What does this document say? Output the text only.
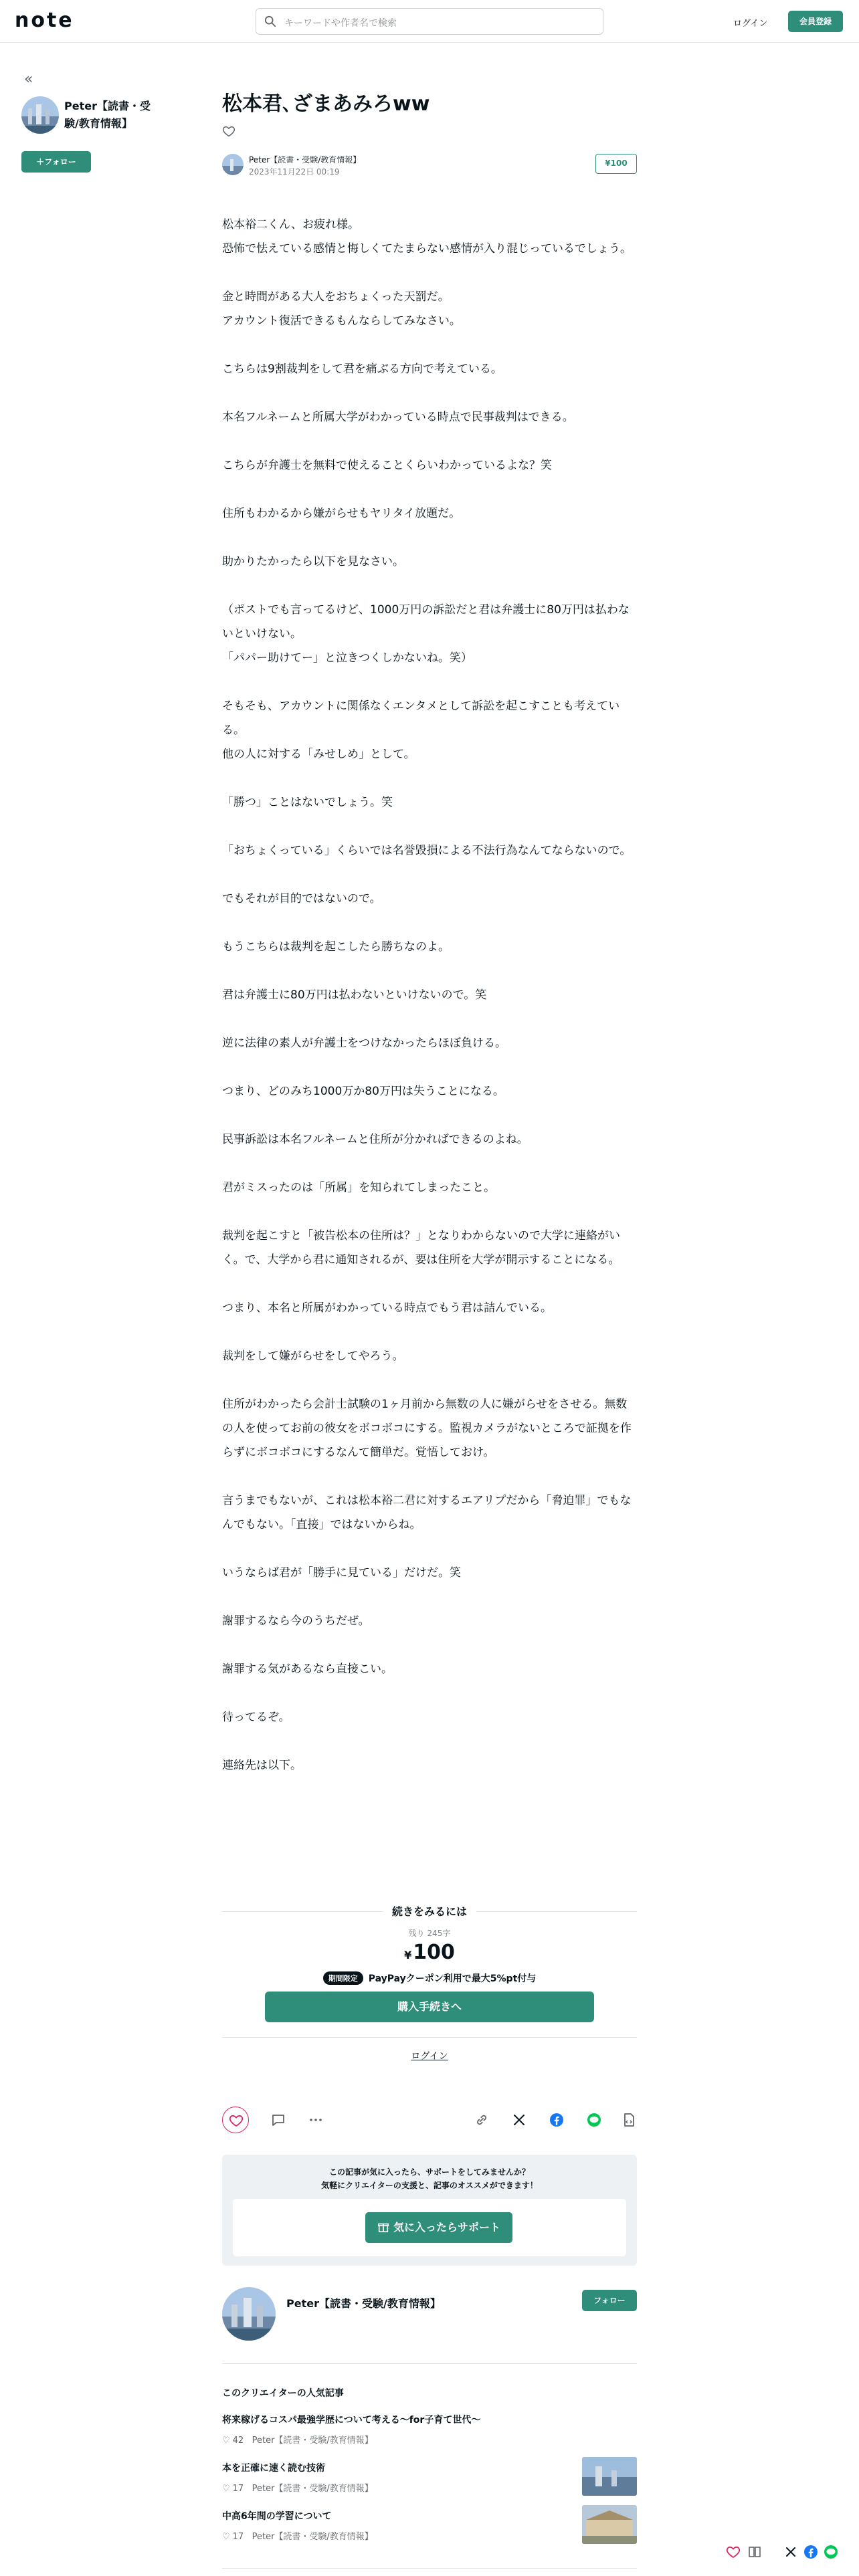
note	キーワードや作者名で検索	ログイン	会員登録
«
Peter【読書・受験/教育情報】
＋フォロー
松本君､ざまあみろww
Peter【読書・受験/教育情報】
2023年11月22日 00:19
¥100

松本裕二くん、お疲れ様。
恐怖で怯えている感情と悔しくてたまらない感情が入り混じっているでしょう。

金と時間がある大人をおちょくった天罰だ。
アカウント復活できるもんならしてみなさい。

こちらは9割裁判をして君を痛ぶる方向で考えている。

本名フルネームと所属大学がわかっている時点で民事裁判はできる。

こちらが弁護士を無料で使えることくらいわかっているよな？笑

住所もわかるから嫌がらせもヤリタイ放題だ。

助かりたかったら以下を見なさい。

（ポストでも言ってるけど、1000万円の訴訟だと君は弁護士に80万円は払わないといけない。
「パパー助けてー」と泣きつくしかないね。笑）

そもそも、アカウントに関係なくエンタメとして訴訟を起こすことも考えている。
他の人に対する「みせしめ」として。

「勝つ」ことはないでしょう。笑

「おちょくっている」くらいでは名誉毀損による不法行為なんてならないので。

でもそれが目的ではないので。

もうこちらは裁判を起こしたら勝ちなのよ。

君は弁護士に80万円は払わないといけないので。笑

逆に法律の素人が弁護士をつけなかったらほぼ負ける。

つまり、どのみち1000万か80万円は失うことになる。

民事訴訟は本名フルネームと住所が分かればできるのよね。

君がミスったのは「所属」を知られてしまったこと。

裁判を起こすと「被告松本の住所は？」となりわからないので大学に連絡がいく。で、大学から君に通知されるが、要は住所を大学が開示することになる。

つまり、本名と所属がわかっている時点でもう君は詰んでいる。

裁判をして嫌がらせをしてやろう。

住所がわかったら会計士試験の1ヶ月前から無数の人に嫌がらせをさせる。無数の人を使ってお前の彼女をボコボコにする。監視カメラがないところで証拠を作らずにボコボコにするなんて簡単だ。覚悟しておけ。

言うまでもないが、これは松本裕二君に対するエアリプだから「脅迫罪」でもなんでもない。「直接」ではないからね。

いうならば君が「勝手に見ている」だけだ。笑

謝罪するなら今のうちだぜ。

謝罪する気があるなら直接こい。

待ってるぞ。

連絡先は以下。

続きをみるには
残り 245字
¥100
期間限定 PayPayクーポン利用で最大5%pt付与
購入手続きへ
ログイン
この記事が気に入ったら、サポートをしてみませんか？
気軽にクリエイターの支援と、記事のオススメができます！
気に入ったらサポート
Peter【読書・受験/教育情報】	フォロー
このクリエイターの人気記事
将来稼げるコスパ最強学歴について考える〜for子育て世代〜
♡ 42 Peter【読書・受験/教育情報】
本を正確に速く読む技術
♡ 17 Peter【読書・受験/教育情報】
中高6年間の学習について
♡ 17 Peter【読書・受験/教育情報】
